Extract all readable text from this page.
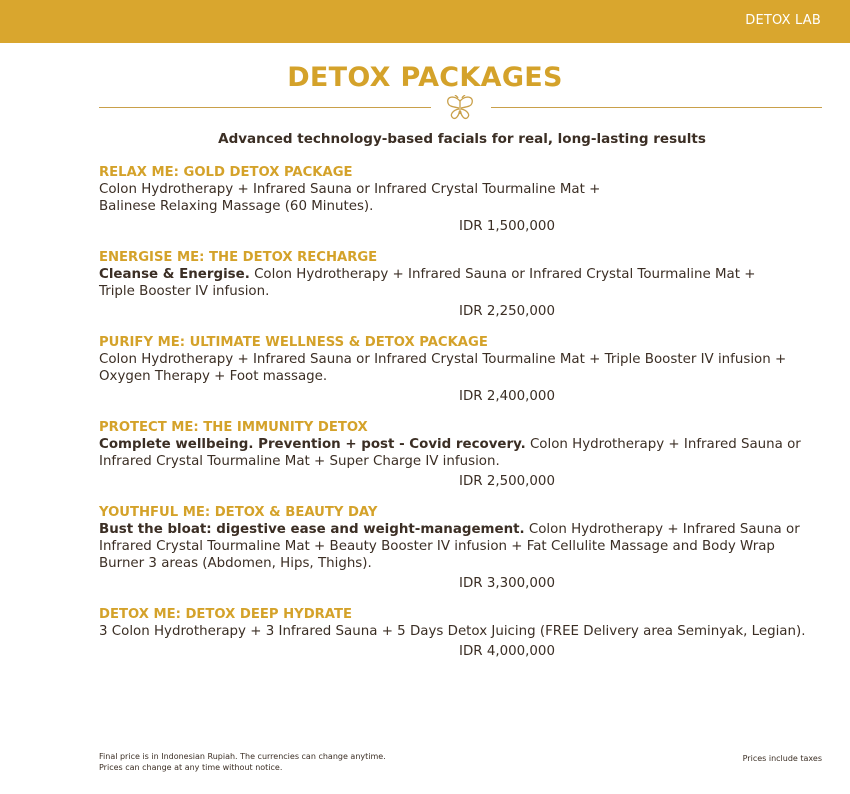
DETOX LAB
DETOX PACKAGES
Advanced technology-based facials for real, long-lasting results
RELAX ME: GOLD DETOX PACKAGE
Colon Hydrotherapy + Infrared Sauna or Infrared Crystal Tourmaline Mat +
Balinese Relaxing Massage (60 Minutes).
IDR 1,500,000
ENERGISE ME: THE DETOX RECHARGE
Cleanse & Energise. Colon Hydrotherapy + Infrared Sauna or Infrared Crystal Tourmaline Mat +
Triple Booster IV infusion.
IDR 2,250,000
PURIFY ME: ULTIMATE WELLNESS & DETOX PACKAGE
Colon Hydrotherapy + Infrared Sauna or Infrared Crystal Tourmaline Mat + Triple Booster IV infusion +
Oxygen Therapy + Foot massage.
IDR 2,400,000
PROTECT ME: THE IMMUNITY DETOX
Complete wellbeing. Prevention + post - Covid recovery. Colon Hydrotherapy + Infrared Sauna or
Infrared Crystal Tourmaline Mat + Super Charge IV infusion.
IDR 2,500,000
YOUTHFUL ME: DETOX & BEAUTY DAY
Bust the bloat: digestive ease and weight-management. Colon Hydrotherapy + Infrared Sauna or
Infrared Crystal Tourmaline Mat + Beauty Booster IV infusion + Fat Cellulite Massage and Body Wrap
Burner 3 areas (Abdomen, Hips, Thighs).
IDR 3,300,000
DETOX ME: DETOX DEEP HYDRATE
3 Colon Hydrotherapy + 3 Infrared Sauna + 5 Days Detox Juicing (FREE Delivery area Seminyak, Legian).
IDR 4,000,000
Final price is in Indonesian Rupiah. The currencies can change anytime.
Prices can change at any time without notice.
Prices include taxes
